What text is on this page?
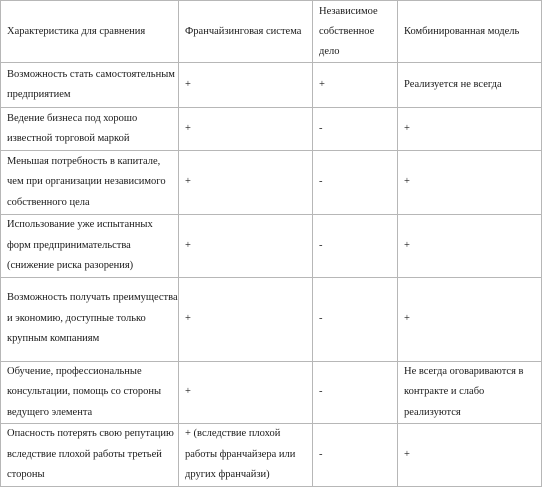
Характеристика для сравнения	Франчайзинговая система	Независимое собственное дело	Комбинированная модель
Возможность стать самостоятельным предприятием	+	+	Реализуется не всегда
Ведение бизнеса под хорошо известной торговой маркой	+	-	+
Меньшая потребность в капитале, чем при организации независимого собственного цела	+	-	+
Использование уже испытанных форм предпринимательства (снижение риска разорения)	+	-	+
Возможность получать преимущества и экономию, доступные только крупным компаниям	+	-	+
Обучение, профессиональные консультации, помощь со стороны ведущего элемента	+	-	Не всегда оговариваются в контракте и слабо реализуются
Опасность потерять свою репутацию вследствие плохой работы третьей стороны	+ (вследствие плохой работы франчайзера или других франчайзи)	-	+
